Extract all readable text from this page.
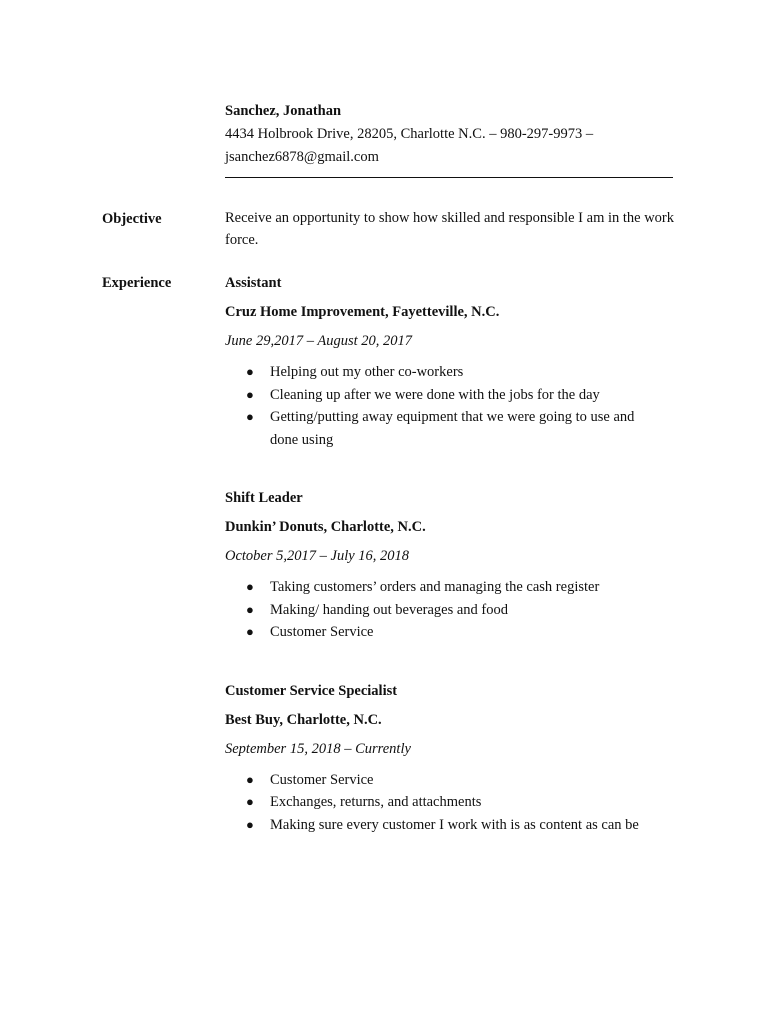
Sanchez, Jonathan

4434 Holbrook Drive, 28205, Charlotte N.C. – 980-297-9973 –
jsanchez6878@gmail.com
Objective	Receive an opportunity to show how skilled and responsible I am in the work force.

Experience	Assistant
Cruz Home Improvement, Fayetteville, N.C.
June 29,2017 – August 20, 2017
● Helping out my other co-workers
● Cleaning up after we were done with the jobs for the day
● Getting/putting away equipment that we were going to use and done using
Shift Leader
Dunkin’ Donuts, Charlotte, N.C.
October 5,2017 – July 16, 2018
● Taking customers’ orders and managing the cash register
● Making/ handing out beverages and food
● Customer Service
Customer Service Specialist
Best Buy, Charlotte, N.C.
September 15, 2018 – Currently
● Customer Service
● Exchanges, returns, and attachments
● Making sure every customer I work with is as content as can be
